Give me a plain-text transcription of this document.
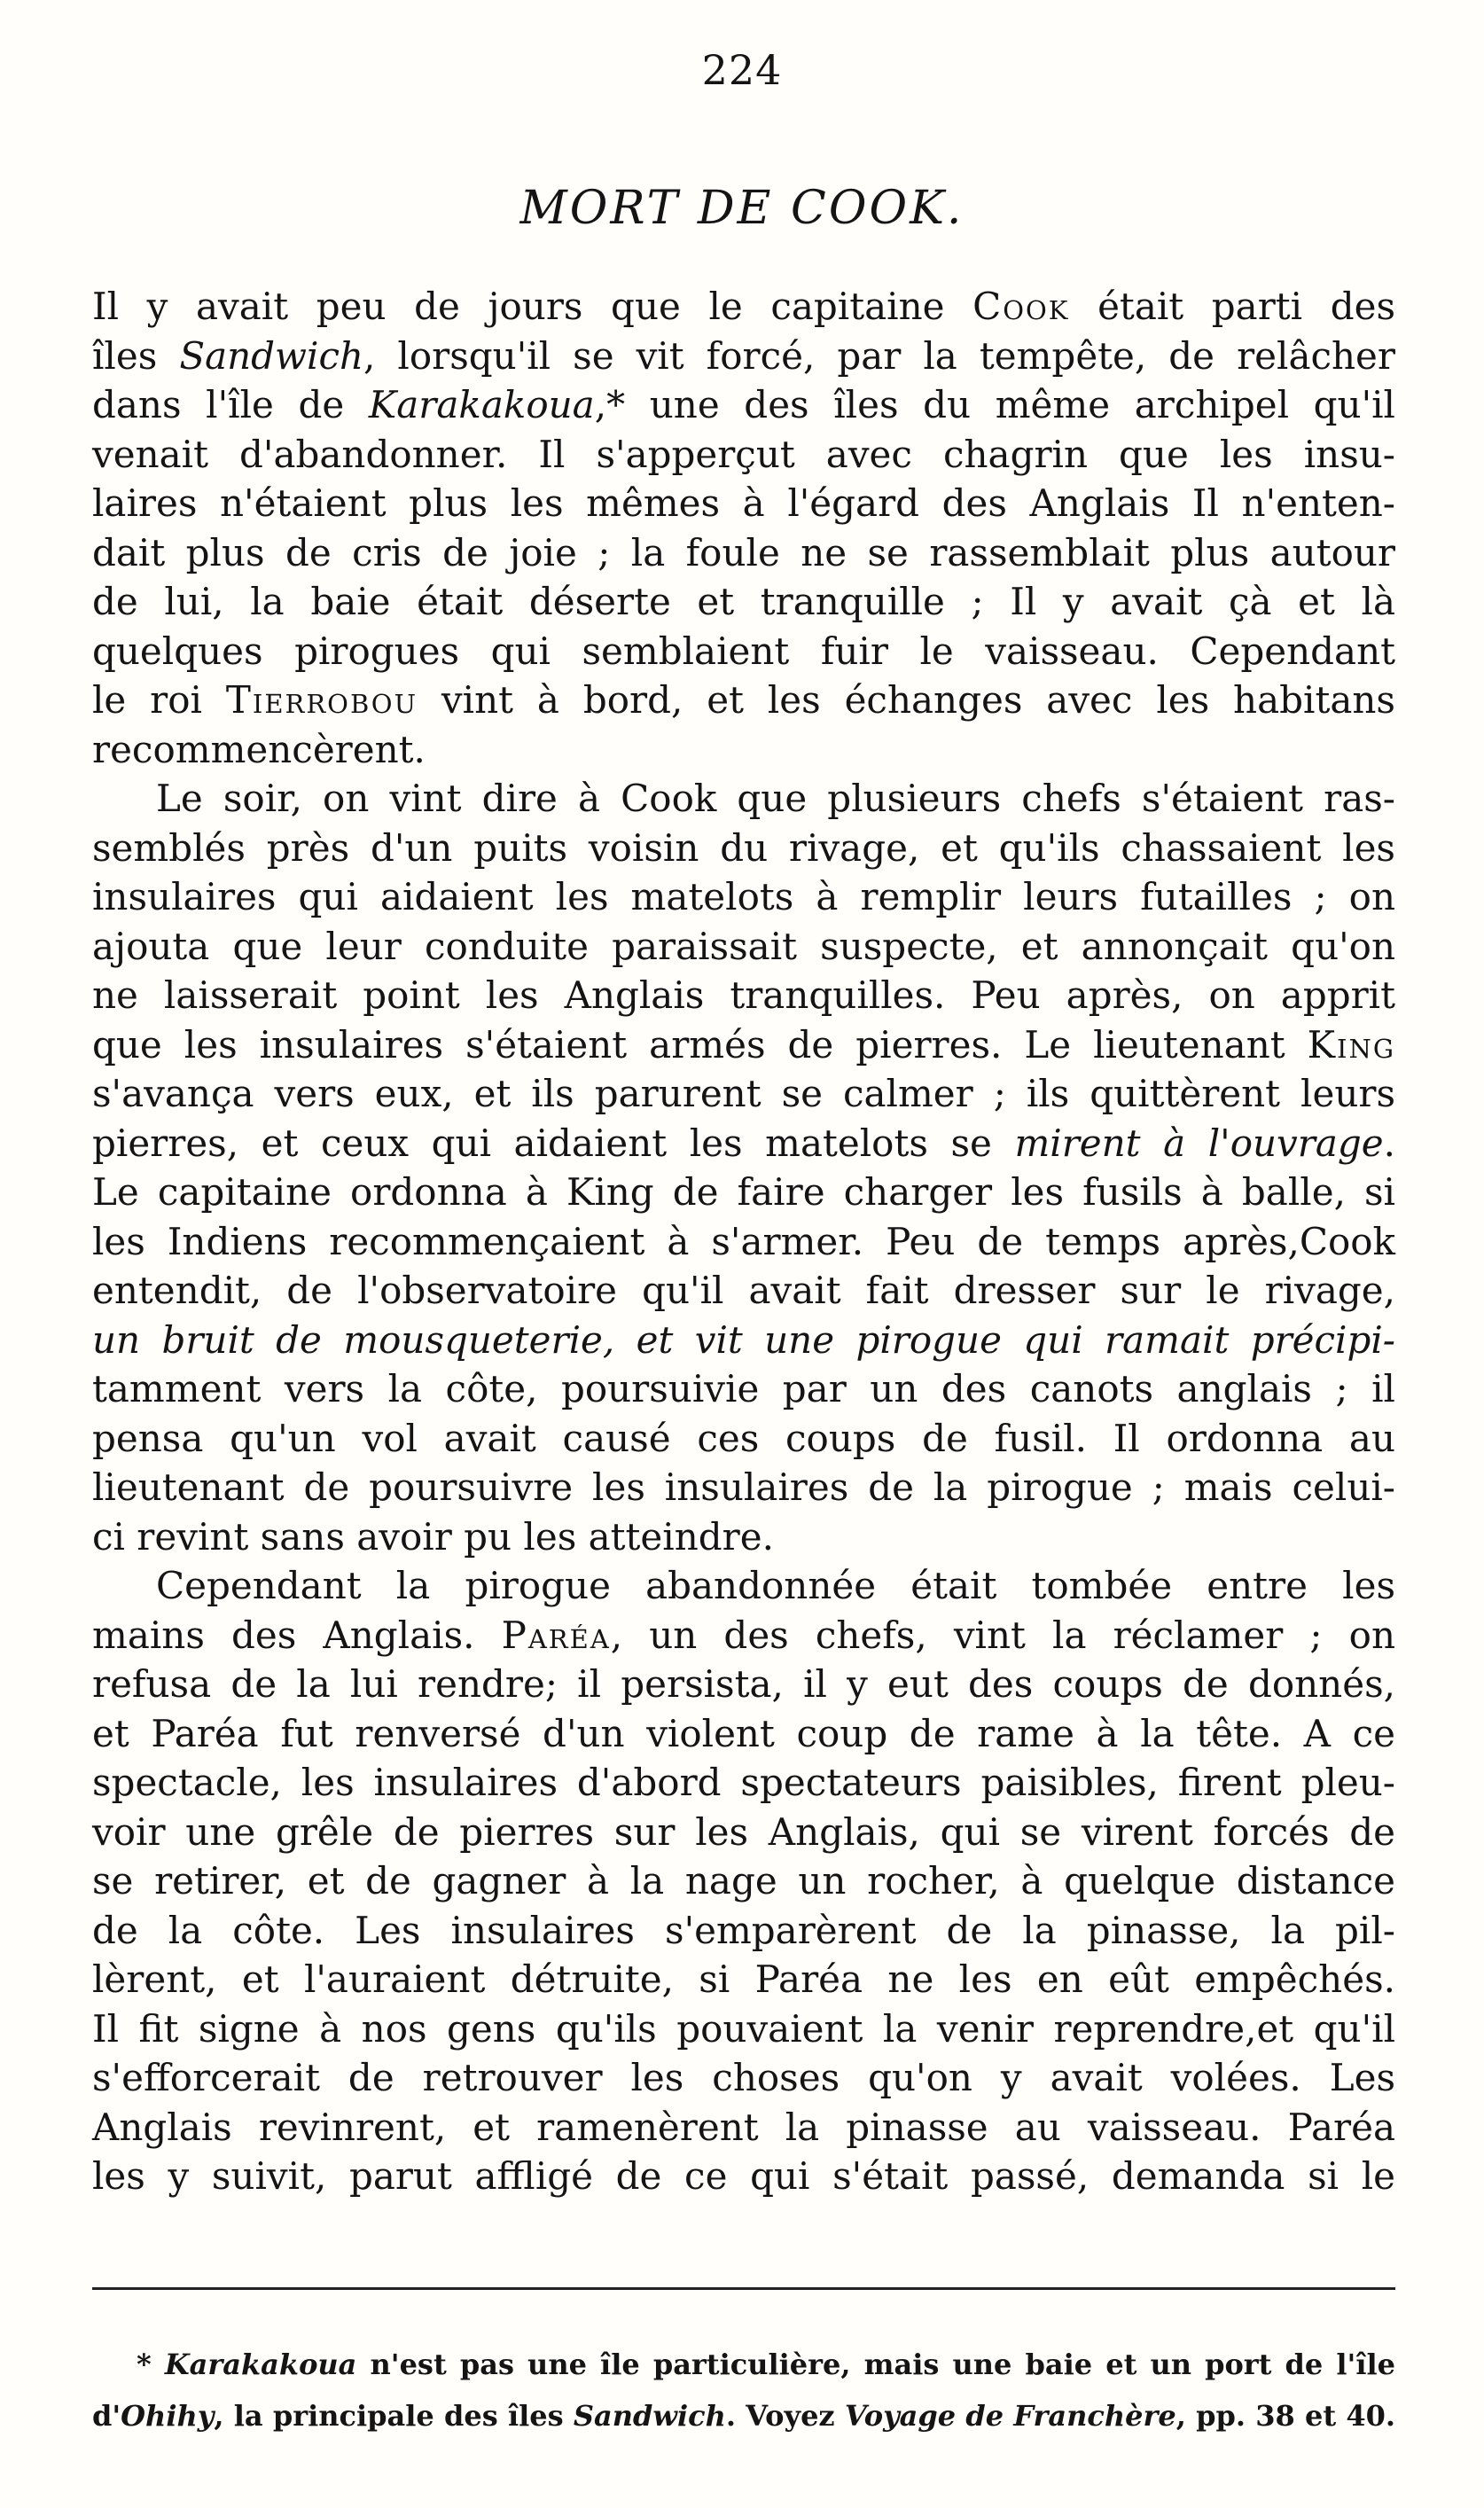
224
MORT DE COOK.
Il y avait peu de jours que le capitaine Cook était parti des
îles Sandwich, lorsqu'il se vit forcé, par la tempête, de relâcher
dans l'île de Karakakoua,* une des îles du même archipel qu'il
venait d'abandonner. Il s'apperçut avec chagrin que les insu-
laires n'étaient plus les mêmes à l'égard des Anglais Il n'enten-
dait plus de cris de joie ; la foule ne se rassemblait plus autour
de lui, la baie était déserte et tranquille ; Il y avait çà et là
quelques pirogues qui semblaient fuir le vaisseau. Cependant
le roi Tierrobou vint à bord, et les échanges avec les habitans
recommencèrent.
Le soir, on vint dire à Cook que plusieurs chefs s'étaient ras-
semblés près d'un puits voisin du rivage, et qu'ils chassaient les
insulaires qui aidaient les matelots à remplir leurs futailles ; on
ajouta que leur conduite paraissait suspecte, et annonçait qu'on
ne laisserait point les Anglais tranquilles. Peu après, on apprit
que les insulaires s'étaient armés de pierres. Le lieutenant King
s'avança vers eux, et ils parurent se calmer ; ils quittèrent leurs
pierres, et ceux qui aidaient les matelots se mirent à l'ouvrage.
Le capitaine ordonna à King de faire charger les fusils à balle, si
les Indiens recommençaient à s'armer. Peu de temps après,Cook
entendit, de l'observatoire qu'il avait fait dresser sur le rivage,
un bruit de mousqueterie, et vit une pirogue qui ramait précipi-
tamment vers la côte, poursuivie par un des canots anglais ; il
pensa qu'un vol avait causé ces coups de fusil. Il ordonna au
lieutenant de poursuivre les insulaires de la pirogue ; mais celui-
ci revint sans avoir pu les atteindre.
Cependant la pirogue abandonnée était tombée entre les
mains des Anglais. Paréa, un des chefs, vint la réclamer ; on
refusa de la lui rendre; il persista, il y eut des coups de donnés,
et Paréa fut renversé d'un violent coup de rame à la tête. A ce
spectacle, les insulaires d'abord spectateurs paisibles, firent pleu-
voir une grêle de pierres sur les Anglais, qui se virent forcés de
se retirer, et de gagner à la nage un rocher, à quelque distance
de la côte. Les insulaires s'emparèrent de la pinasse, la pil-
lèrent, et l'auraient détruite, si Paréa ne les en eût empêchés.
Il fit signe à nos gens qu'ils pouvaient la venir reprendre,et qu'il
s'efforcerait de retrouver les choses qu'on y avait volées. Les
Anglais revinrent, et ramenèrent la pinasse au vaisseau. Paréa
les y suivit, parut affligé de ce qui s'était passé, demanda si le
* Karakakoua n'est pas une île particulière, mais une baie et un port de l'île
d'Ohihy, la principale des îles Sandwich. Voyez Voyage de Franchère, pp. 38 et 40.
